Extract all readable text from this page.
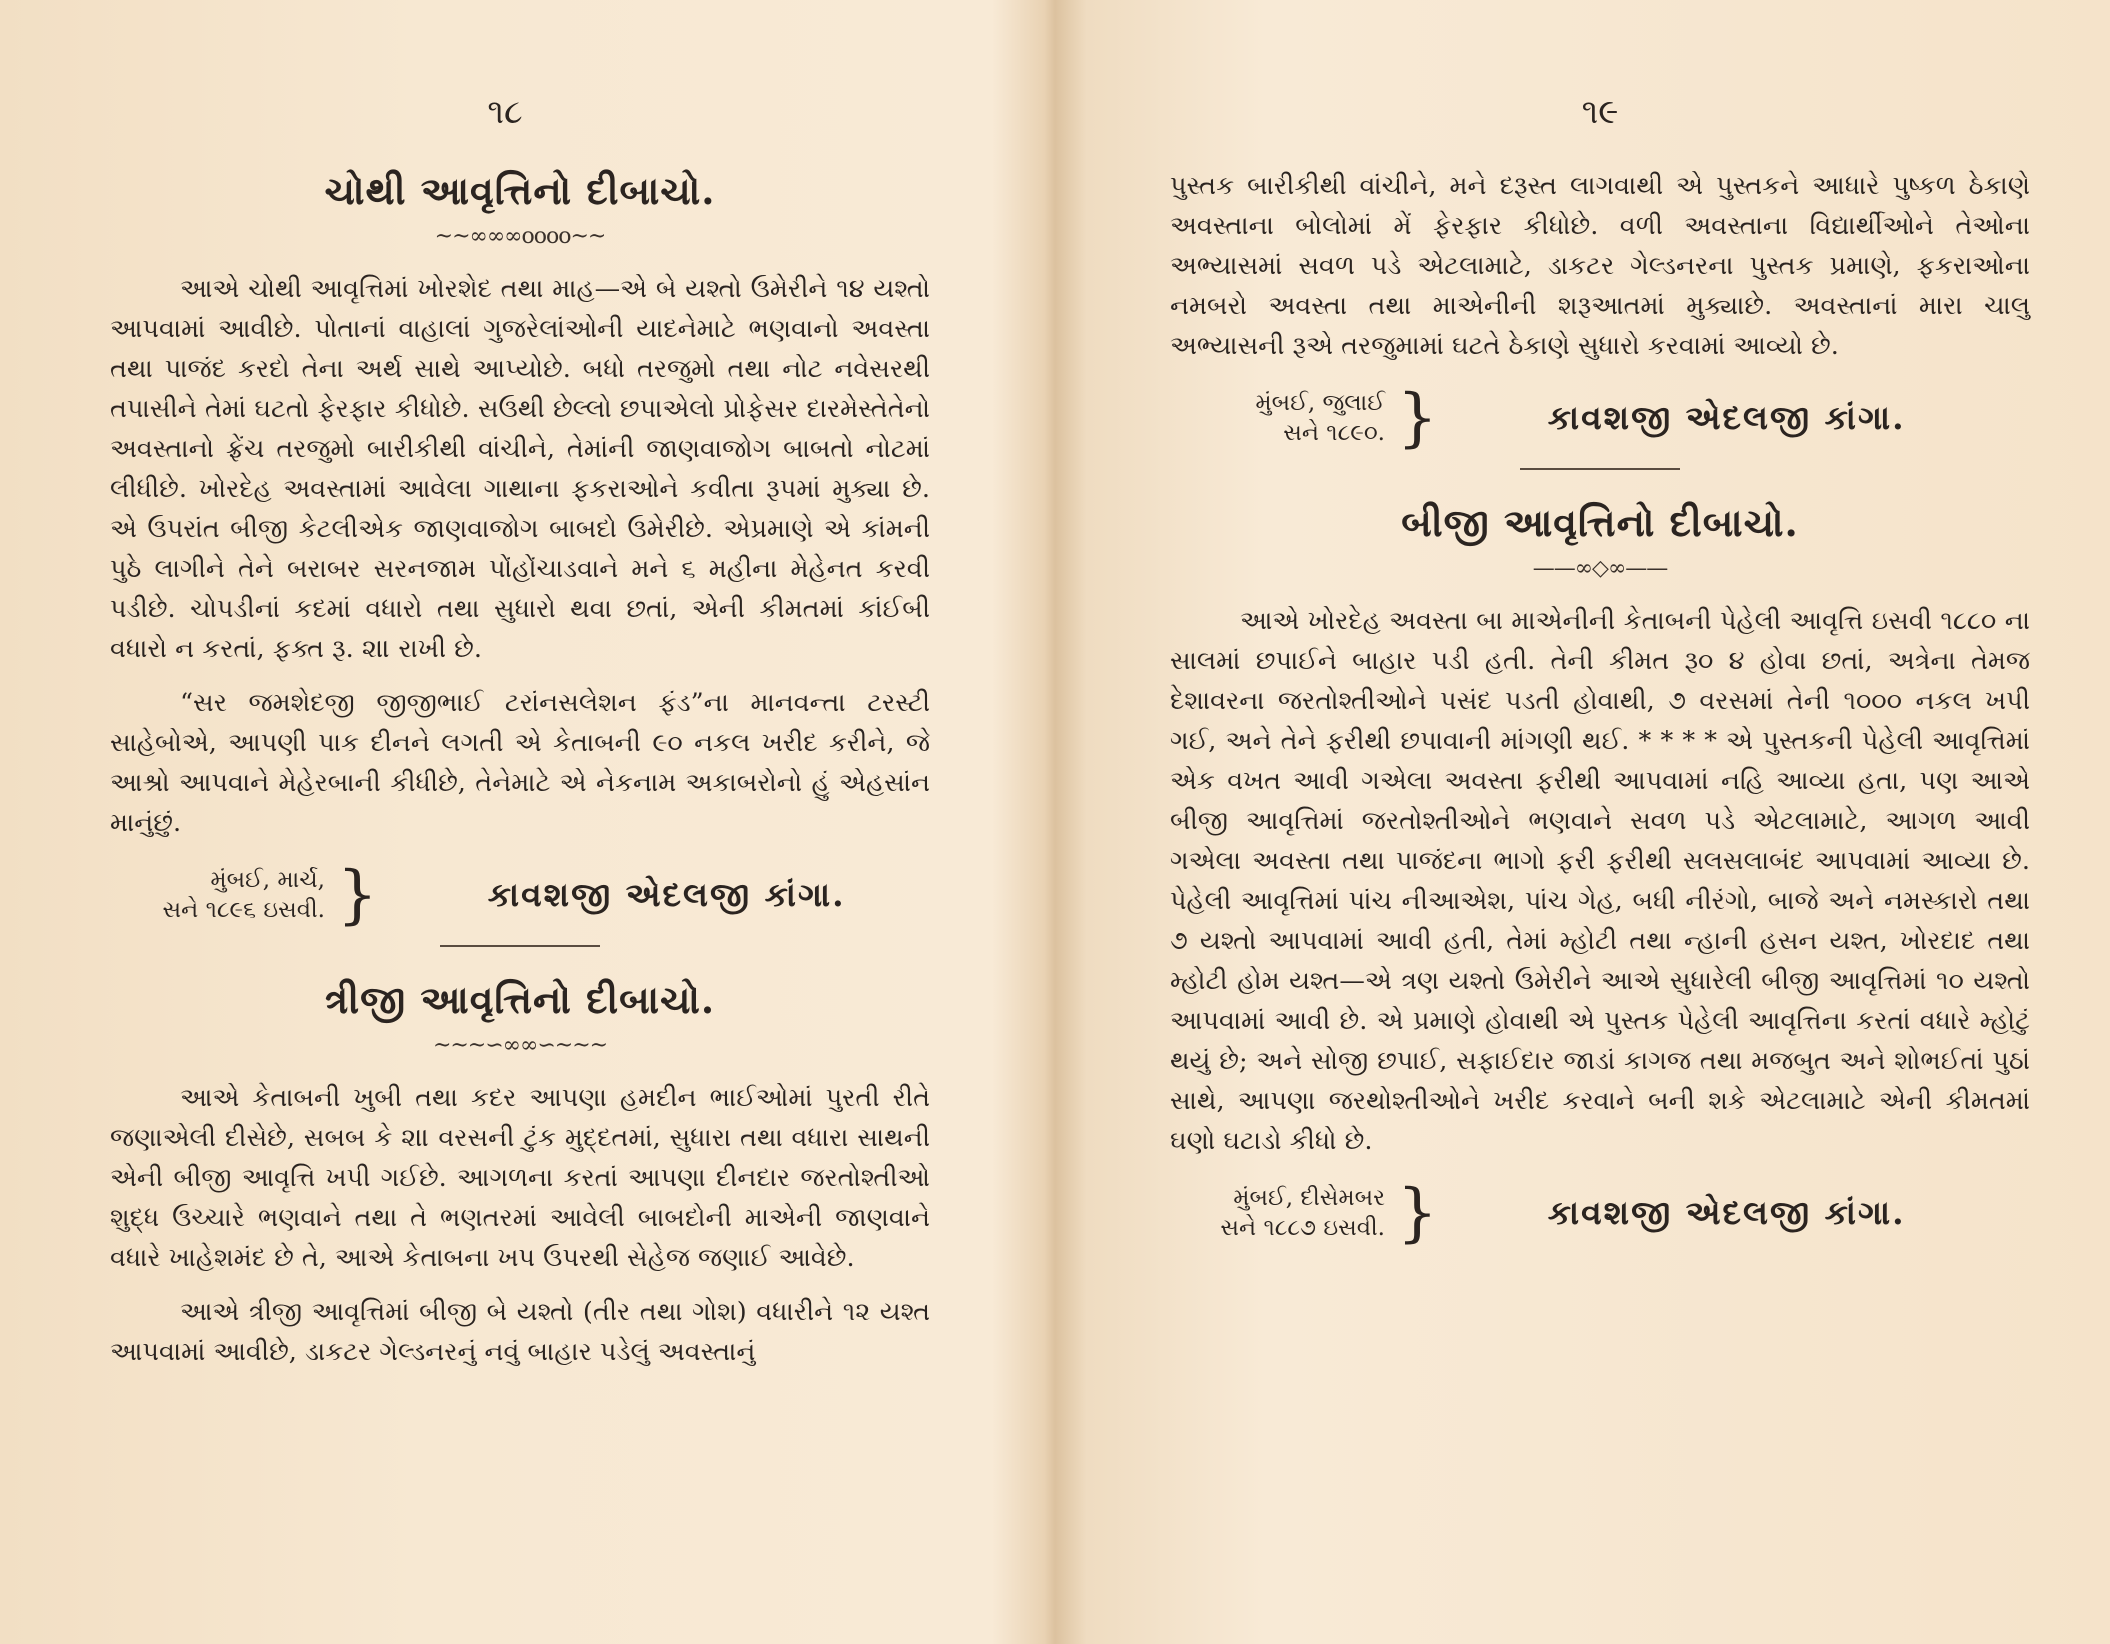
૧૮
ચોથી આવૃત્તિનો દીબાચો.
~~∞∞∞oooo~~

આએ ચોથી આવૃત્તિમાં ખોરશેદ તથા માહ—એ બે યશ્તો ઉમેરીને ૧૪ યશ્તો આપવામાં આવીછે. પોતાનાં વાહાલાં ગુજરેલાંઓની યાદનેમાટે ભણવાનો અવસ્તા તથા પાજંદ કરદો તેના અર્થ સાથે આપ્યોછે. બધો તરજુમો તથા નોટ નવેસરથી તપાસીને તેમાં ઘટતો ફેરફાર કીધોછે. સઉથી છેલ્લો છપાએલો પ્રોફેસર દારમેસ્તેતેનો અવસ્તાનો ફ્રેંચ તરજુમો બારીકીથી વાંચીને, તેમાંની જાણવાજોગ બાબતો નોટમાં લીધીછે. ખોરદેહ અવસ્તામાં આવેલા ગાથાના ફકરાઓને કવીતા રૂપમાં મુક્યા છે. એ ઉપરાંત બીજી કેટલીએક જાણવાજોગ બાબદો ઉમેરીછે. એપ્રમાણે એ કાંમની પુઠે લાગીને તેને બરાબર સરનજામ પોંહોંચાડવાને મને ૬ મહીના મેહેનત કરવી પડીછે. ચોપડીનાં કદમાં વધારો તથા સુધારો થવા છતાં, એની કીમતમાં કાંઈબી વધારો ન કરતાં, ફક્ત રૂ. ૨॥ રાખી છે.

“સર જમશેદજી જીજીભાઈ ટરાંનસલેશન ફંડ”ના માનવન્તા ટરસ્ટી સાહેબોએ, આપણી પાક દીનને લગતી એ કેતાબની ૯૦ નકલ ખરીદ કરીને, જે આશ્રો આપવાને મેહેરબાની કીધીછે, તેનેમાટે એ નેકનામ અકાબરોનો હું એહસાંન માનુંછું.

મુંબઈ, માર્ચ,
સને ૧૮૯૬ ઇસવી. }	કાવશજી એદલજી કાંગા.
ત્રીજી આવૃત્તિનો દીબાચો.
~~~∽∞∞∽~~~

આએ કેતાબની ખુબી તથા કદર આપણા હમદીન ભાઈઓમાં પુરતી રીતે જણાએલી દીસેછે, સબબ કે ૨॥ વરસની ટુંક મુદ્દતમાં, સુધારા તથા વધારા સાથની એની બીજી આવૃત્તિ ખપી ગઈછે. આગળના કરતાં આપણા દીનદાર જરતોશ્તીઓ શુદ્ધ ઉચ્ચારે ભણવાને તથા તે ભણતરમાં આવેલી બાબદોની માએની જાણવાને વધારે ખાહેશમંદ છે તે, આએ કેતાબના ખપ ઉપરથી સેહેજ જણાઈ આવેછે.

આએ ત્રીજી આવૃત્તિમાં બીજી બે યશ્તો (તીર તથા ગોશ) વધારીને ૧૨ યશ્ત આપવામાં આવીછે, ડાકટર ગેલ્ડનરનું નવું બાહાર પડેલું અવસ્તાનું

૧૯

પુસ્તક બારીકીથી વાંચીને, મને દરૂસ્ત લાગવાથી એ પુસ્તકને આધારે પુષ્કળ ઠેકાણે અવસ્તાના બોલોમાં મેં ફેરફાર કીધોછે. વળી અવસ્તાના વિદ્યાર્થીઓને તેઓના અભ્યાસમાં સવળ પડે એટલામાટે, ડાકટર ગેલ્ડનરના પુસ્તક પ્રમાણે, ફકરાઓના નમબરો અવસ્તા તથા માએનીની શરૂઆતમાં મુક્યાછે. અવસ્તાનાં મારા ચાલુ અભ્યાસની રૂએ તરજુમામાં ઘટતે ઠેકાણે સુધારો કરવામાં આવ્યો છે.

મુંબઈ, જુલાઈ
સને ૧૮૯૦. }	કાવશજી એદલજી કાંગા.
બીજી આવૃત્તિનો દીબાચો.
——∞◇∞——

આએ ખોરદેહ અવસ્તા બા માએનીની કેતાબની પેહેલી આવૃત્તિ ઇસવી ૧૮૮૦ ના સાલમાં છપાઈને બાહાર પડી હતી. તેની કીમત રૂ૦ ૪ હોવા છતાં, અત્રેના તેમજ દેશાવરના જરતોશ્તીઓને પસંદ પડતી હોવાથી, ૭ વરસમાં તેની ૧૦૦૦ નકલ ખપી ગઈ, અને તેને ફરીથી છપાવાની માંગણી થઈ. * * * * એ પુસ્તકની પેહેલી આવૃત્તિમાં એક વખત આવી ગએલા અવસ્તા ફરીથી આપવામાં નહિ આવ્યા હતા, પણ આએ બીજી આવૃત્તિમાં જરતોશ્તીઓને ભણવાને સવળ પડે એટલામાટે, આગળ આવી ગએલા અવસ્તા તથા પાજંદના ભાગો ફરી ફરીથી સલસલાબંદ આપવામાં આવ્યા છે. પેહેલી આવૃત્તિમાં પાંચ નીઆએશ, પાંચ ગેહ, બધી નીરંગો, બાજે અને નમસ્કારો તથા ૭ યશ્તો આપવામાં આવી હતી, તેમાં મ્હોટી તથા ન્હાની હસન યશ્ત, ખોરદાદ તથા મ્હોટી હોમ યશ્ત—એ ત્રણ યશ્તો ઉમેરીને આએ સુધારેલી બીજી આવૃત્તિમાં ૧૦ યશ્તો આપવામાં આવી છે. એ પ્રમાણે હોવાથી એ પુસ્તક પેહેલી આવૃત્તિના કરતાં વધારે મ્હોટું થયું છે; અને સોજી છપાઈ, સફાઈદાર જાડાં કાગજ તથા મજબુત અને શોભઈતાં પુઠાં સાથે, આપણા જરથોશ્તીઓને ખરીદ કરવાને બની શકે એટલામાટે એની કીમતમાં ઘણો ઘટાડો કીધો છે.

મુંબઈ, દીસેમબર
સને ૧૮૮૭ ઇસવી. }	કાવશજી એદલજી કાંગા.
